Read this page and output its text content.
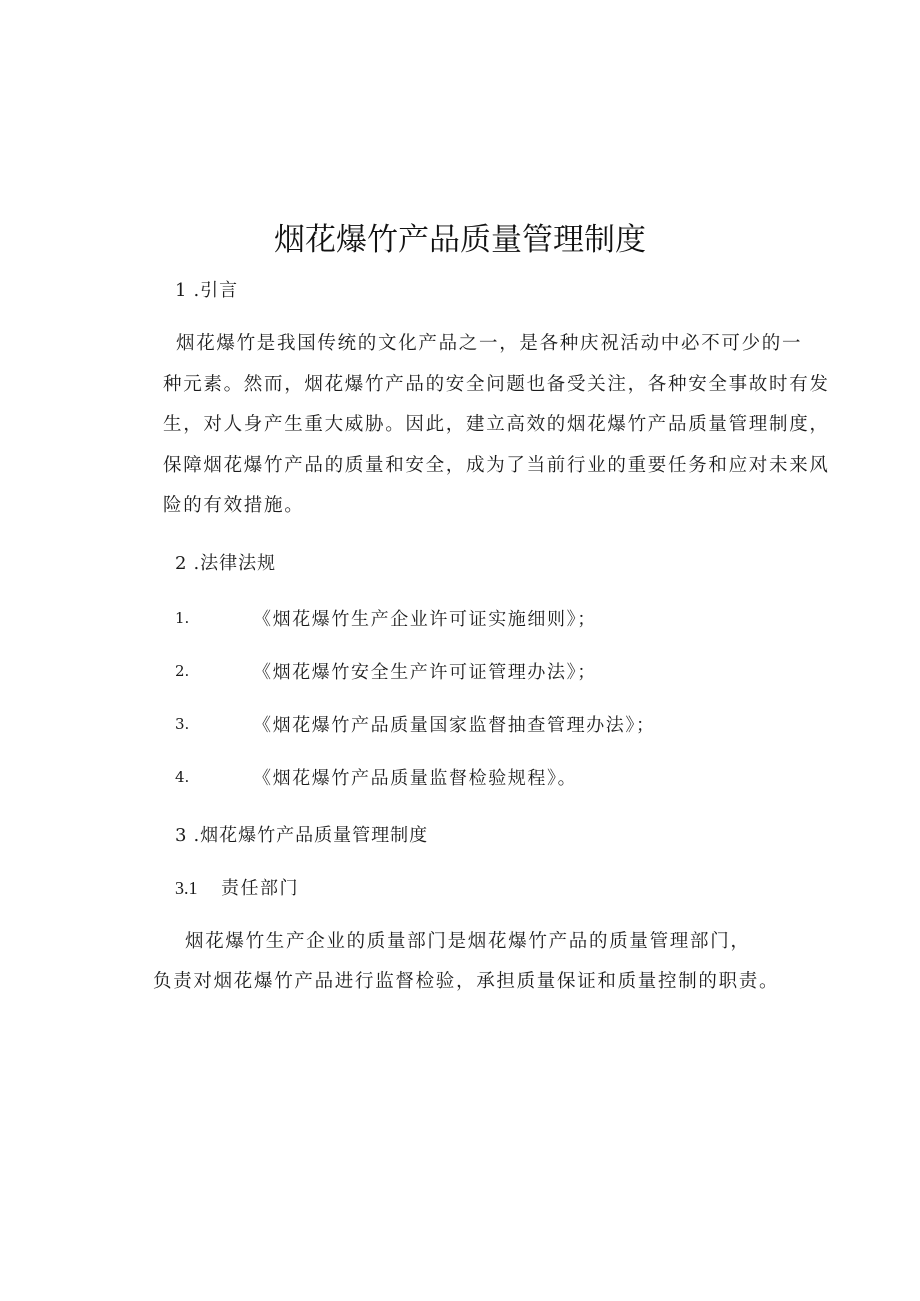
烟花爆竹产品质量管理制度
1 .引言
烟花爆竹是我国传统的文化产品之一，是各种庆祝活动中必不可少的一
种元素。然而，烟花爆竹产品的安全问题也备受关注，各种安全事故时有发
生，对人身产生重大威胁。因此，建立高效的烟花爆竹产品质量管理制度，
保障烟花爆竹产品的质量和安全，成为了当前行业的重要任务和应对未来风
险的有效措施。
2 .法律法规
1.	《烟花爆竹生产企业许可证实施细则》；
2.	《烟花爆竹安全生产许可证管理办法》；
3.	《烟花爆竹产品质量国家监督抽查管理办法》；
4.	《烟花爆竹产品质量监督检验规程》。
3 .烟花爆竹产品质量管理制度
3.1 责任部门
烟花爆竹生产企业的质量部门是烟花爆竹产品的质量管理部门，
负责对烟花爆竹产品进行监督检验，承担质量保证和质量控制的职责。
